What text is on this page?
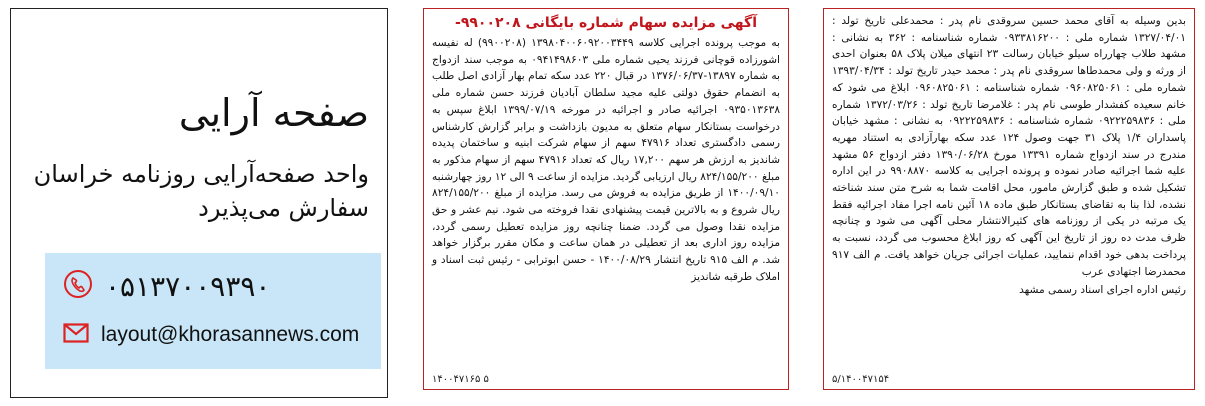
صفحه آرایی
واحد صفحه‌آرایی روزنامه خراسان سفارش می‌پذیرد
۰۵۱۳۷۰۰۹۳۹۰
layout@khorasannews.com
آگهی مزایده سهام شماره بایگانی ۹۹۰۰۲۰۸-
به موجب پرونده اجرایی کلاسه ۱۳۹۸۰۴۰۰۶۰۹۲۰۰۳۴۴۹ (۹۹۰۰۲۰۸) له نفیسه اشورزاده قوچانی فرزند یحیی شماره ملی ۰۹۴۱۴۹۸۶۰۳ به موجب سند ازدواج به شماره ۱۳۸۹۷-۱۳۷۶/۰۶/۳۷ در قبال ۲۲۰ عدد سکه تمام بهار آزادی اصل طلب به انضمام حقوق دولتی علیه مجید سلطان آبادیان فرزند حسن شماره ملی ۰۹۳۵۰۱۳۶۳۸ اجرائیه صادر و اجرائیه در مورخه ۱۳۹۹/۰۷/۱۹ ابلاغ سپس به درخواست بستانکار سهام متعلق به مدیون بازداشت و برابر گزارش کارشناس رسمی دادگستری تعداد ۴۷۹۱۶ سهم از سهام شرکت ابنیه و ساختمان پدیده شاندیز به ارزش هر سهم ۱۷,۲۰۰ ریال که تعداد ۴۷۹۱۶ سهم از سهام مذکور به مبلغ ۸۲۴/۱۵۵/۲۰۰ ریال ارزیابی گردید. مزایده از ساعت ۹ الی ۱۲ روز چهارشنبه ۱۴۰۰/۰۹/۱۰ از طریق مزایده به فروش می رسد. مزایده از مبلغ ۸۲۴/۱۵۵/۲۰۰ ریال شروع و به بالاترین قیمت پیشنهادی نقدا فروخته می شود. نیم عشر و حق مزایده نقدا وصول می گردد. ضمنا چنانچه روز مزایده تعطیل رسمی گردد، مزایده روز اداری بعد از تعطیلی در همان ساعت و مکان مقرر برگزار خواهد شد. م الف ۹۱۵ تاریخ انتشار ۱۴۰۰/۰۸/۲۹ - حسن ابوترابی - رئیس ثبت اسناد و املاک طرقبه شاندیز
۱۴۰۰۴۷۱۶۵ ۵
بدین وسیله به آقای محمد حسین سروقدی نام پدر : محمدعلی تاریخ تولد : ۱۳۲۷/۰۴/۰۱ شماره ملی : ۰۹۳۳۸۱۶۲۰۰ شماره شناسنامه : ۳۶۲ به نشانی : مشهد طلاب چهارراه سیلو خیابان رسالت ۲۳ انتهای میلان پلاک ۵۸ بعنوان احدی از ورثه و ولی محمدطاها سروقدی نام پدر : محمد حیدر تاریخ تولد : ۱۳۹۳/۰۴/۳۴ شماره ملی : ۰۹۶۰۸۲۵۰۶۱ شماره شناسنامه : ۰۹۶۰۸۲۵۰۶۱ ابلاغ می شود که خانم سعیده کفشدار طوسی نام پدر : غلامرضا تاریخ تولد : ۱۳۷۲/۰۳/۲۶ شماره ملی : ۰۹۲۲۲۵۹۸۳۶ شماره شناسنامه : ۰۹۲۲۲۵۹۸۳۶ به نشانی : مشهد خیابان پاسداران ۱/۴ پلاک ۳۱ جهت وصول ۱۲۴ عدد سکه بهارآزادی به استناد مهریه مندرج در سند ازدواج شماره ۱۳۳۹۱ مورخ ۱۳۹۰/۰۶/۲۸ دفتر ازدواج ۵۶ مشهد علیه شما اجرائیه صادر نموده و پرونده اجرایی به کلاسه ۹۹۰۸۸۷۰ در این اداره تشکیل شده و طبق گزارش مامور، محل اقامت شما به شرح متن سند شناخته نشده، لذا بنا به تقاضای بستانکار طبق ماده ۱۸ آئین نامه اجرا مفاد اجرائیه فقط یک مرتبه در یکی از روزنامه های کثیرالانتشار محلی آگهی می شود و چنانچه ظرف مدت ده روز از تاریخ این آگهی که روز ابلاغ محسوب می گردد، نسبت به پرداخت بدهی خود اقدام ننمایید، عملیات اجرائی جریان خواهد یافت. م الف ۹۱۷ محمدرضا اجتهادی عرب
رئیس اداره اجرای اسناد رسمی مشهد
۵/۱۴۰۰۴۷۱۵۴
